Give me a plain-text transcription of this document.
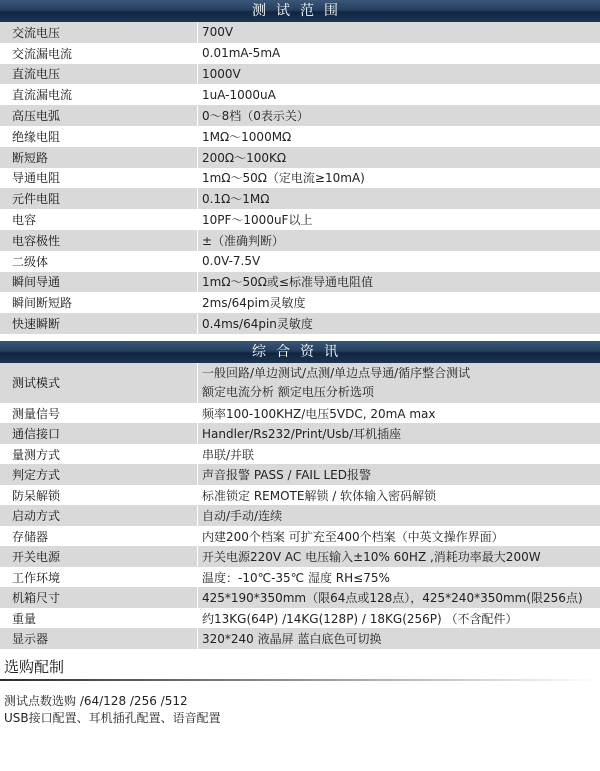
测试范围
交流电压	700V
交流漏电流	0.01mA-5mA
直流电压	1000V
直流漏电流	1uA-1000uA
高压电弧	0～8档（0表示关）
绝缘电阻	1MΩ～1000MΩ
断短路	200Ω～100KΩ
导通电阻	1mΩ～50Ω（定电流≥10mA)
元件电阻	0.1Ω～1MΩ
电容	10PF～1000uF以上
电容极性	±（准确判断）
二级体	0.0V-7.5V
瞬间导通	1mΩ～50Ω或≤标准导通电阻值
瞬间断短路	2ms/64pim灵敏度
快速瞬断	0.4ms/64pin灵敏度
综合资讯
测试模式	一般回路/单边测试/点测/单边点导通/循序整合测试
额定电流分析 额定电压分析选项

测量信号	频率100-100KHZ/电压5VDC, 20mA max
通信接口	Handler/Rs232/Print/Usb/耳机插座
量测方式	串联/并联
判定方式	声音报警 PASS / FAIL LED报警
防呆解锁	标准锁定 REMOTE解锁 / 软体输入密码解锁
启动方式	自动/手动/连续
存储器	内建200个档案 可扩充至400个档案（中英文操作界面）
开关电源	开关电源220V AC 电压输入±10% 60HZ ,消耗功率最大200W
工作环境	温度：-10℃-35℃ 湿度 RH≤75%
机箱尺寸	425*190*350mm（限64点或128点），425*240*350mm(限256点)
重量	约13KG(64P) /14KG(128P) / 18KG(256P) （不含配件）
显示器	320*240 液晶屏 蓝白底色可切换
选购配制
测试点数选购 /64/128 /256 /512
USB接口配置、耳机插孔配置、语音配置
